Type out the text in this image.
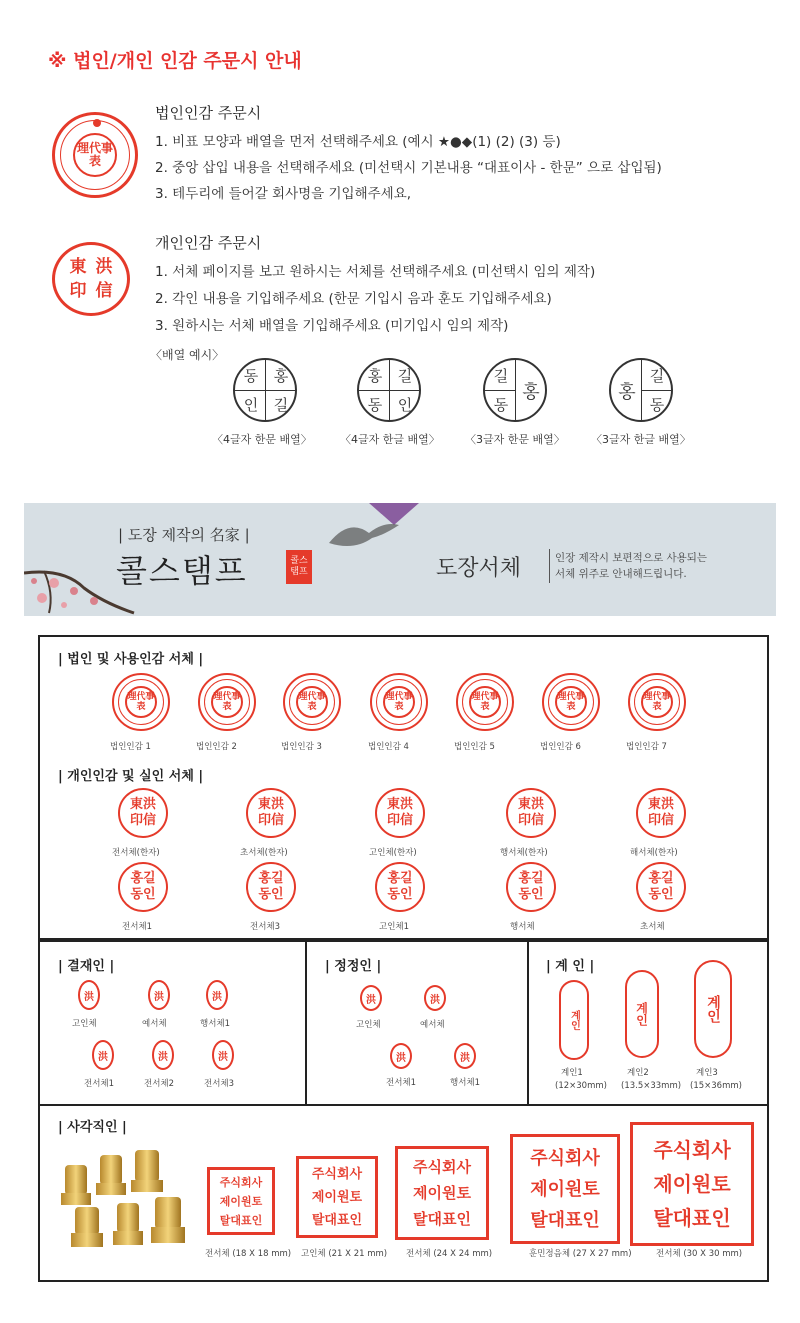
※ 법인/개인 인감 주문시 안내
理代事表
법인인감 주문시
1. 비표 모양과 배열을 먼저 선택해주세요 (예시 ★●◆(1) (2) (3) 등)
2. 중앙 삽입 내용을 선택해주세요 (미선택시 기본내용 “대표이사 - 한문” 으로 삽입됨)
3. 테두리에 들어갈 회사명을 기입해주세요,
東 洪
印 信
개인인감 주문시
1. 서체 페이지를 보고 원하시는 서체를 선택해주세요 (미선택시 임의 제작)
2. 각인 내용을 기입해주세요 (한문 기입시 음과 훈도 기입해주세요)
3. 원하시는 서체 배열을 기입해주세요 (미기입시 임의 제작)
〈배열 예시〉
동	홍
인	길
〈4글자 한문 배열〉
홍	길
동	인
〈4글자 한글 배열〉
길
홍
동
〈3글자 한문 배열〉
홍
길
동
〈3글자 한글 배열〉
| 도장 제작의 名家 |
콜스탬프	콜스 탬프	도장서체	인장 제작시 보편적으로 사용되는
서체 위주로 안내해드립니다.
| 법인 및 사용인감 서체 |
| 개인인감 및 실인 서체 |
| 결재인 |	| 정정인 |	| 계 인 |
| 사각직인 |
理代事表
법인인감 1
理代事表
법인인감 2
理代事表
법인인감 3
理代事表
법인인감 4
理代事表
법인인감 5
理代事表
법인인감 6
理代事表
법인인감 7
東洪
印信
전서체(한자)
東洪
印信
초서체(한자)
東洪
印信
고인체(한자)
東洪
印信
행서체(한자)
東洪
印信
해서체(한자)
홍길
동인
전서체1
홍길
동인
전서체3
홍길
동인
고인체1
홍길
동인
행서체
홍길
동인
초서체
洪
고인체
洪
예서체
洪
행서체1
洪
전서체1
洪
전서체2
洪
전서체3
洪
고인체
洪
예서체
洪
전서체1
洪
행서체1
계인
계인1
(12×30mm)
계인
계인2
(13.5×33mm)
계인
계인3
(15×36mm)
주식회사
제이원토
탈대표인
전서체 (18 X 18 mm)
주식회사
제이원토
탈대표인
고인체 (21 X 21 mm)
주식회사
제이원토
탈대표인
전서체 (24 X 24 mm)
주식회사
제이원토
탈대표인
훈민정음체 (27 X 27 mm)
주식회사
제이원토
탈대표인
전서체 (30 X 30 mm)
